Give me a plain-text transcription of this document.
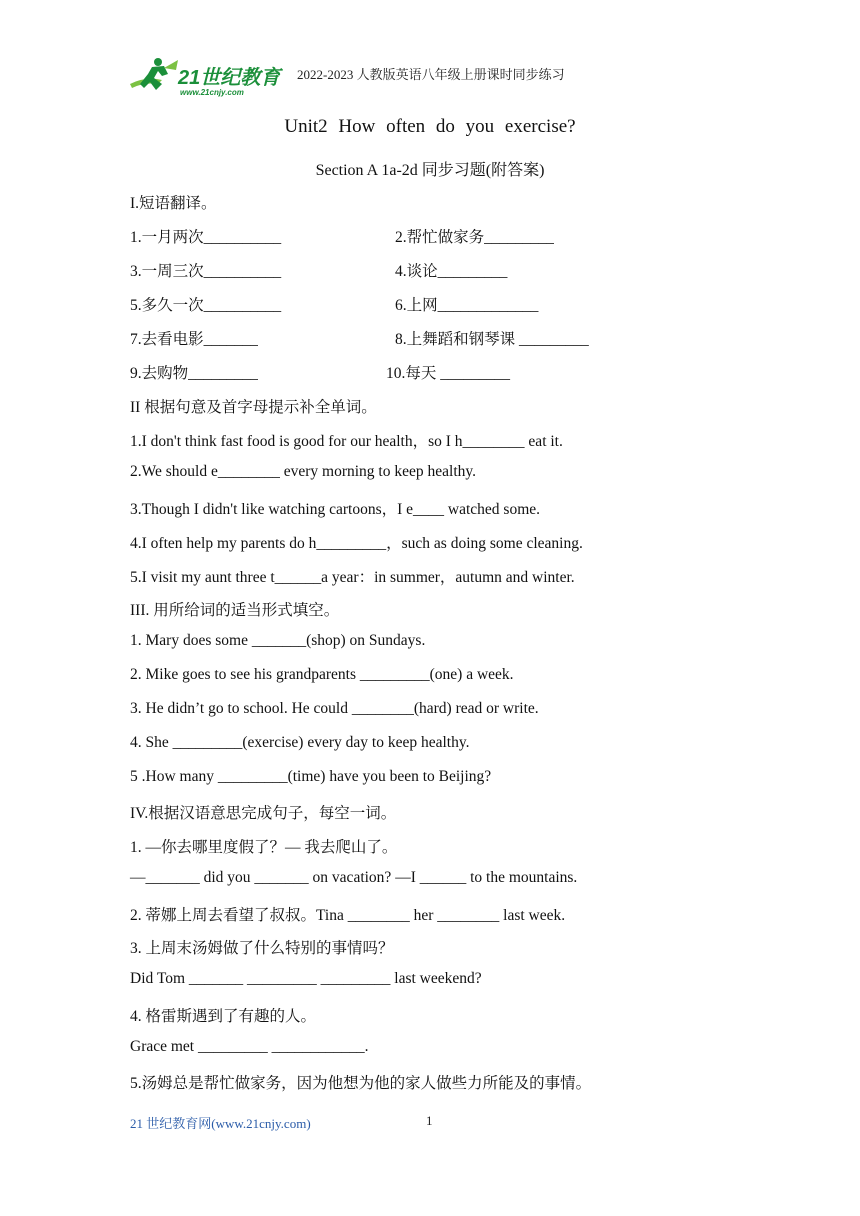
21世纪教育
www.21cnjy.com
2022-2023 人教版英语八年级上册课时同步练习
Unit2 How often do you exercise?
Section A 1a-2d 同步习题(附答案)
I.短语翻译。
1.一月两次__________	2.帮忙做家务_________
3.一周三次__________	4.谈论_________
5.多久一次__________	6.上网_____________
7.去看电影_______	8.上舞蹈和钢琴课 _________
9.去购物_________	10.每天 _________
II 根据句意及首字母提示补全单词。
1.I don't think fast food is good for our health，so I h________ eat it.
2.We should e________ every morning to keep healthy.
3.Though I didn't like watching cartoons，I e____ watched some.
4.I often help my parents do h_________，such as doing some cleaning.
5.I visit my aunt three t______a year：in summer，autumn and winter.
III. 用所给词的适当形式填空。
1. Mary does some _______(shop) on Sundays.
2. Mike goes to see his grandparents _________(one) a week.
3. He didn’t go to school. He could ________(hard) read or write.
4. She _________(exercise) every day to keep healthy.
5 .How many _________(time) have you been to Beijing?
IV.根据汉语意思完成句子，每空一词。
1. —你去哪里度假了？— 我去爬山了。
—_______ did you _______ on vacation? —I ______ to the mountains.
2. 蒂娜上周去看望了叔叔。Tina ________ her ________ last week.
3. 上周末汤姆做了什么特别的事情吗？
Did Tom _______ _________ _________ last weekend?
4. 格雷斯遇到了有趣的人。
Grace met _________ ____________.
5.汤姆总是帮忙做家务，因为他想为他的家人做些力所能及的事情。
21 世纪教育网(www.21cnjy.com)	1
